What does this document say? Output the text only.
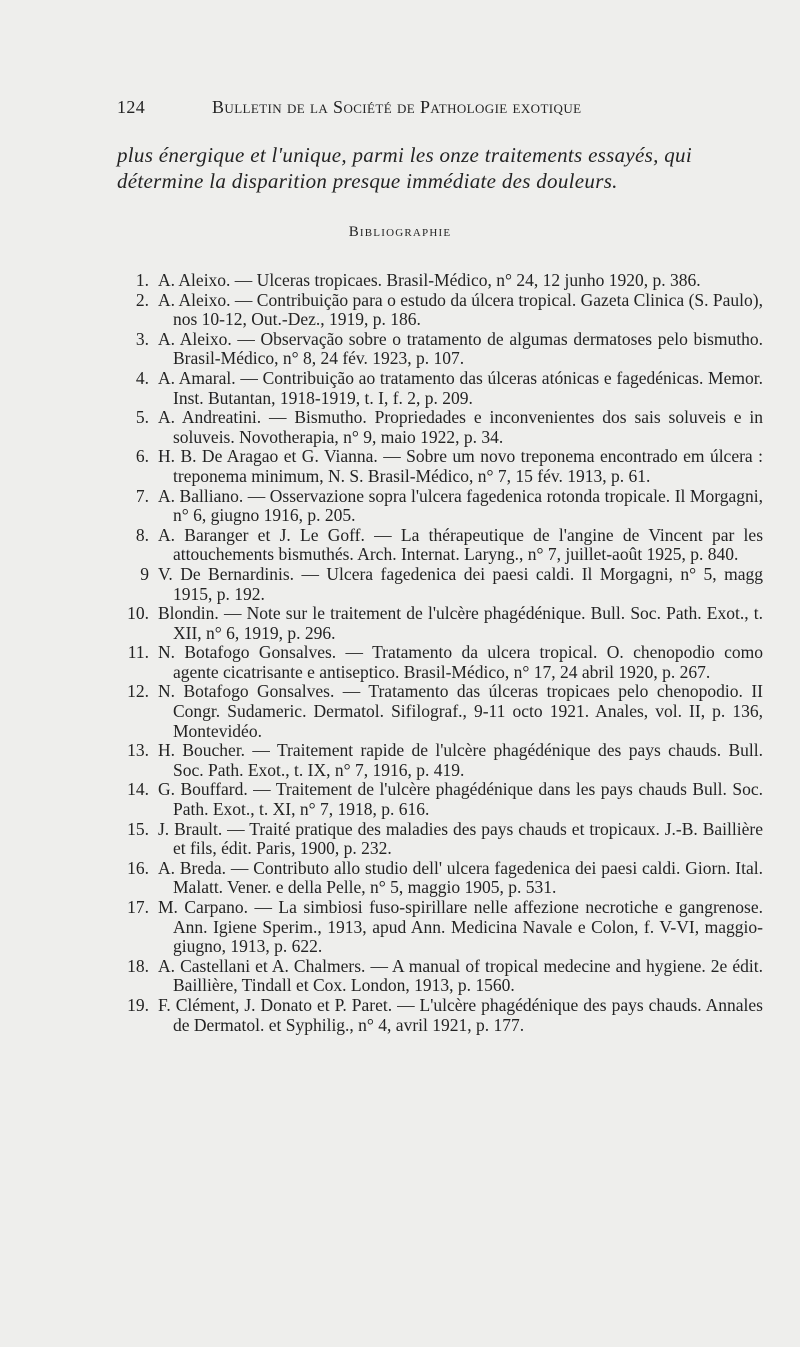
124	Bulletin de la Société de Pathologie exotique
plus énergique et l'unique, parmi les onze traitements essayés, qui détermine la disparition presque immédiate des douleurs.
Bibliographie
1. A. Aleixo. — Ulceras tropicaes. Brasil-Médico, n° 24, 12 junho 1920, p. 386.
2. A. Aleixo. — Contribuição para o estudo da úlcera tropical. Gazeta Clinica (S. Paulo), nos 10-12, Out.-Dez., 1919, p. 186.
3. A. Aleixo. — Observação sobre o tratamento de algumas dermatoses pelo bismutho. Brasil-Médico, n° 8, 24 fév. 1923, p. 107.
4. A. Amaral. — Contribuição ao tratamento das úlceras atónicas e fagedénicas. Memor. Inst. Butantan, 1918-1919, t. I, f. 2, p. 209.
5. A. Andreatini. — Bismutho. Propriedades e inconvenientes dos sais soluveis e in soluveis. Novotherapia, n° 9, maio 1922, p. 34.
6. H. B. De Aragao et G. Vianna. — Sobre um novo treponema encontrado em úlcera : treponema minimum, N. S. Brasil-Médico, n° 7, 15 fév. 1913, p. 61.
7. A. Balliano. — Osservazione sopra l'ulcera fagedenica rotonda tropicale. Il Morgagni, n° 6, giugno 1916, p. 205.
8. A. Baranger et J. Le Goff. — La thérapeutique de l'angine de Vincent par les attouchements bismuthés. Arch. Internat. Laryng., n° 7, juillet-août 1925, p. 840.
9 V. De Bernardinis. — Ulcera fagedenica dei paesi caldi. Il Morgagni, n° 5, magg 1915, p. 192.
10. Blondin. — Note sur le traitement de l'ulcère phagédénique. Bull. Soc. Path. Exot., t. XII, n° 6, 1919, p. 296.
11. N. Botafogo Gonsalves. — Tratamento da ulcera tropical. O. chenopodio como agente cicatrisante e antiseptico. Brasil-Médico, n° 17, 24 abril 1920, p. 267.
12. N. Botafogo Gonsalves. — Tratamento das úlceras tropicaes pelo chenopodio. II Congr. Sudameric. Dermatol. Sifilograf., 9-11 octo 1921. Anales, vol. II, p. 136, Montevidéo.
13. H. Boucher. — Traitement rapide de l'ulcère phagédénique des pays chauds. Bull. Soc. Path. Exot., t. IX, n° 7, 1916, p. 419.
14. G. Bouffard. — Traitement de l'ulcère phagédénique dans les pays chauds Bull. Soc. Path. Exot., t. XI, n° 7, 1918, p. 616.
15. J. Brault. — Traité pratique des maladies des pays chauds et tropicaux. J.-B. Baillière et fils, édit. Paris, 1900, p. 232.
16. A. Breda. — Contributo allo studio dell' ulcera fagedenica dei paesi caldi. Giorn. Ital. Malatt. Vener. e della Pelle, n° 5, maggio 1905, p. 531.
17. M. Carpano. — La simbiosi fuso-spirillare nelle affezione necrotiche e gangrenose. Ann. Igiene Sperim., 1913, apud Ann. Medicina Navale e Colon, f. V-VI, maggio-giugno, 1913, p. 622.
18. A. Castellani et A. Chalmers. — A manual of tropical medecine and hygiene. 2e édit. Baillière, Tindall et Cox. London, 1913, p. 1560.
19. F. Clément, J. Donato et P. Paret. — L'ulcère phagédénique des pays chauds. Annales de Dermatol. et Syphilig., n° 4, avril 1921, p. 177.
